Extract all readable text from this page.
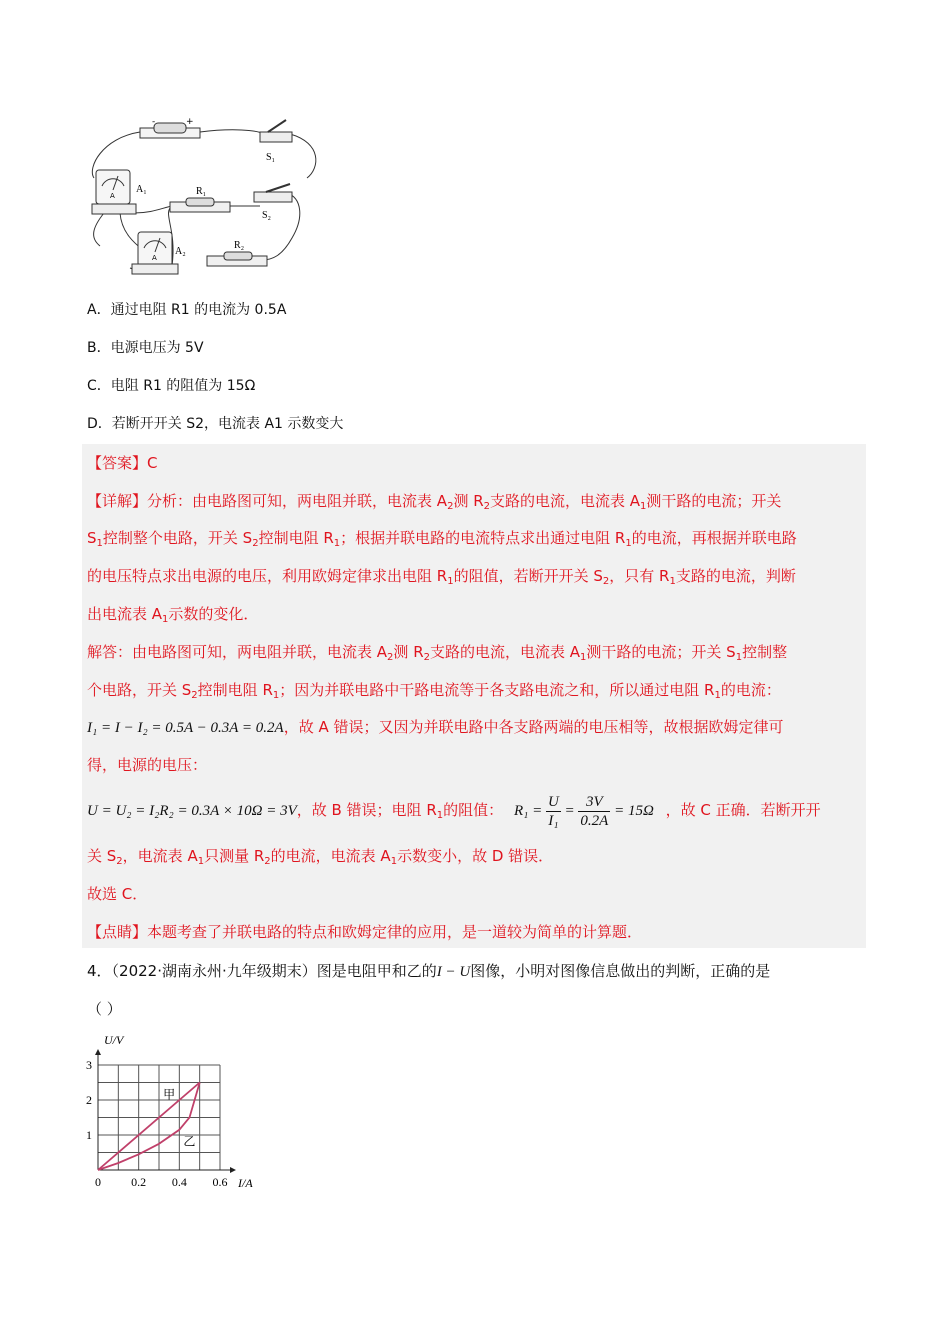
-	+
S₁
A
A₁	R₁
S₂
A
A₂
R₂
A．通过电阻 R1 的电流为 0.5A
B．电源电压为 5V
C．电阻 R1 的阻值为 15Ω
D．若断开开关 S2，电流表 A1 示数变大
【答案】C
【详解】分析：由电路图可知，两电阻并联，电流表 $A_2$测 $R_2$支路的电流，电流表 $A_1$测干路的电流；开关
$S_1$控制整个电路，开关 $S_2$控制电阻 $R_1$；根据并联电路的电流特点求出通过电阻 $R_1$的电流，再根据并联电路
的电压特点求出电源的电压，利用欧姆定律求出电阻 $R_1$的阻值，若断开开关 $S_2$，只有 $R_1$支路的电流，判断
出电流表 $A_1$示数的变化．
解答：由电路图可知，两电阻并联，电流表 $A_2$测 $R_2$支路的电流，电流表 $A_1$测干路的电流；开关 $S_1$控制整
个电路，开关 $S_2$控制电阻 $R_1$；因为并联电路中干路电流等于各支路电流之和，所以通过电阻 $R_1$的电流：
I₁ = I − I₂ = 0.5A − 0.3A = 0.2A，故 A 错误；又因为并联电路中各支路两端的电压相等，故根据欧姆定律可
得，电源的电压：
U = U₂ = I₂R₂ = 0.3A × 10Ω = 3V，故 B 错误；电阻 $R_1$的阻值： $R_1 = \frac{U}{\text{I₁}} = \frac{3V}{0.2A} = 15\Omega$ ，故 C 正确．若断开开
关 $S_2$，电流表 $A_1$只测量 $R_2$的电流，电流表 $A_1$示数变小，故 D 错误．
故选 C．
【点睛】本题考查了并联电路的特点和欧姆定律的应用，是一道较为简单的计算题．
4．（2022·湖南永州·九年级期末）图是电阻甲和乙的I − U图像，小明对图像信息做出的判断，正确的是
（ ）
0	0.2 0.4 0.6
1
2
3
甲
乙
U/V
I/A
